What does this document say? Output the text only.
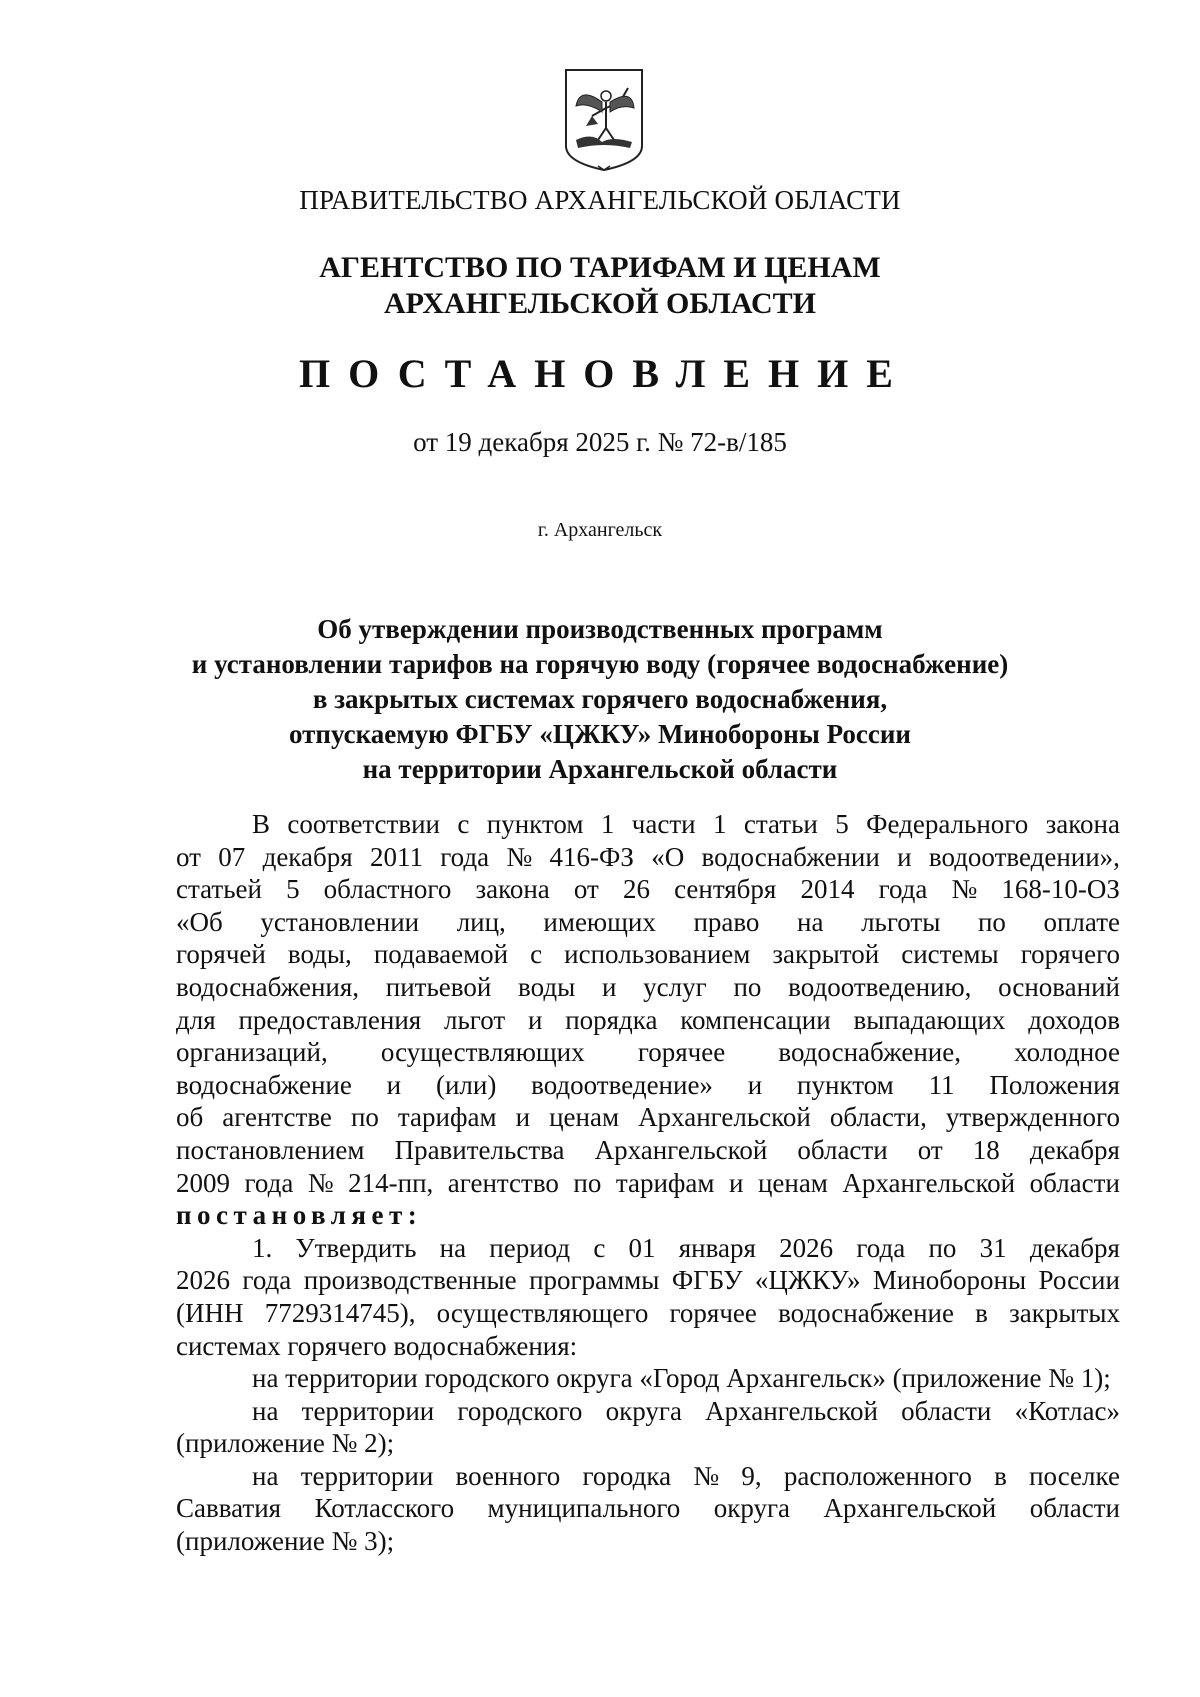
ПРАВИТЕЛЬСТВО АРХАНГЕЛЬСКОЙ ОБЛАСТИ
АГЕНТСТВО ПО ТАРИФАМ И ЦЕНАМ
АРХАНГЕЛЬСКОЙ ОБЛАСТИ
ПОСТАНОВЛЕНИЕ
от 19 декабря 2025 г. № 72-в/185
г. Архангельск
Об утверждении производственных программ
и установлении тарифов на горячую воду (горячее водоснабжение)
в закрытых системах горячего водоснабжения,
отпускаемую ФГБУ «ЦЖКУ» Минобороны России
на территории Архангельской области
В соответствии с пунктом 1 части 1 статьи 5 Федерального закона
от 07 декабря 2011 года № 416-ФЗ «О водоснабжении и водоотведении»,
статьей 5 областного закона от 26 сентября 2014 года № 168-10-ОЗ
«Об установлении лиц, имеющих право на льготы по оплате
горячей воды, подаваемой с использованием закрытой системы горячего
водоснабжения, питьевой воды и услуг по водоотведению, оснований
для предоставления льгот и порядка компенсации выпадающих доходов
организаций, осуществляющих горячее водоснабжение, холодное
водоснабжение и (или) водоотведение» и пунктом 11 Положения
об агентстве по тарифам и ценам Архангельской области, утвержденного
постановлением Правительства Архангельской области от 18 декабря
2009 года № 214-пп, агентство по тарифам и ценам Архангельской области
постановляет:
1. Утвердить на период с 01 января 2026 года по 31 декабря
2026 года производственные программы ФГБУ «ЦЖКУ» Минобороны России
(ИНН 7729314745), осуществляющего горячее водоснабжение в закрытых
системах горячего водоснабжения:
на территории городского округа «Город Архангельск» (приложение № 1);
на территории городского округа Архангельской области «Котлас»
(приложение № 2);
на территории военного городка № 9, расположенного в поселке
Савватия Котласского муниципального округа Архангельской области
(приложение № 3);
